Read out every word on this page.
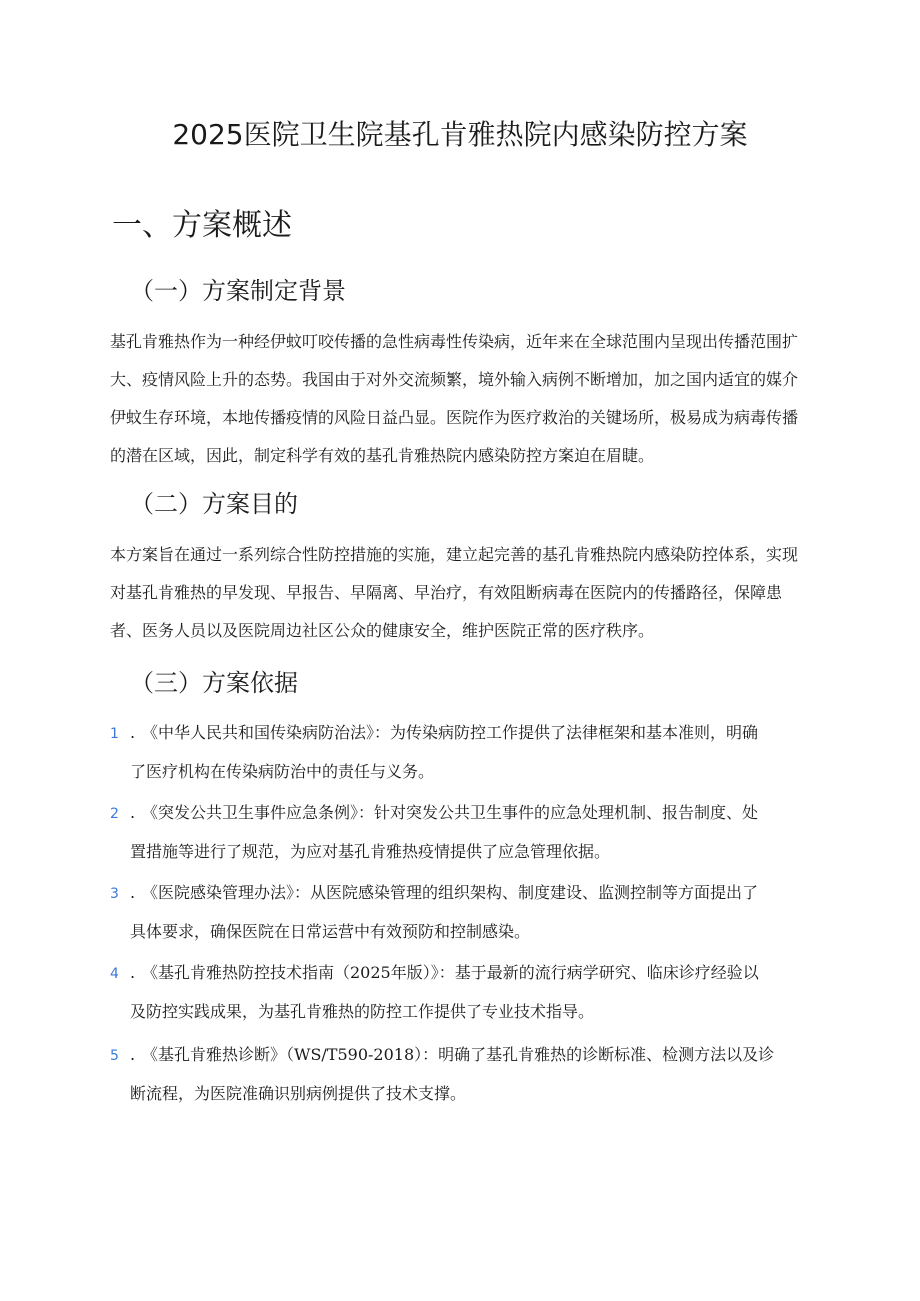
2025医院卫生院基孔肯雅热院内感染防控方案
一、方案概述
（一）方案制定背景

基孔肯雅热作为一种经伊蚊叮咬传播的急性病毒性传染病，近年来在全球范围内呈现出传播范围扩大、疫情风险上升的态势。我国由于对外交流频繁，境外输入病例不断增加，加之国内适宜的媒介伊蚊生存环境，本地传播疫情的风险日益凸显。医院作为医疗救治的关键场所，极易成为病毒传播的潜在区域，因此，制定科学有效的基孔肯雅热院内感染防控方案迫在眉睫。

（二）方案目的

本方案旨在通过一系列综合性防控措施的实施，建立起完善的基孔肯雅热院内感染防控体系，实现对基孔肯雅热的早发现、早报告、早隔离、早治疗，有效阻断病毒在医院内的传播路径，保障患者、医务人员以及医院周边社区公众的健康安全，维护医院正常的医疗秩序。

（三）方案依据
1 . 《中华人民共和国传染病防治法》：为传染病防控工作提供了法律框架和基本准则，明确
了医疗机构在传染病防治中的责任与义务。
2 . 《突发公共卫生事件应急条例》：针对突发公共卫生事件的应急处理机制、报告制度、处
置措施等进行了规范，为应对基孔肯雅热疫情提供了应急管理依据。
3 . 《医院感染管理办法》：从医院感染管理的组织架构、制度建设、监测控制等方面提出了
具体要求，确保医院在日常运营中有效预防和控制感染。
4 . 《基孔肯雅热防控技术指南（2025年版）》：基于最新的流行病学研究、临床诊疗经验以
及防控实践成果，为基孔肯雅热的防控工作提供了专业技术指导。
5 . 《基孔肯雅热诊断》（WS/T590-2018）：明确了基孔肯雅热的诊断标准、检测方法以及诊
断流程，为医院准确识别病例提供了技术支撑。
